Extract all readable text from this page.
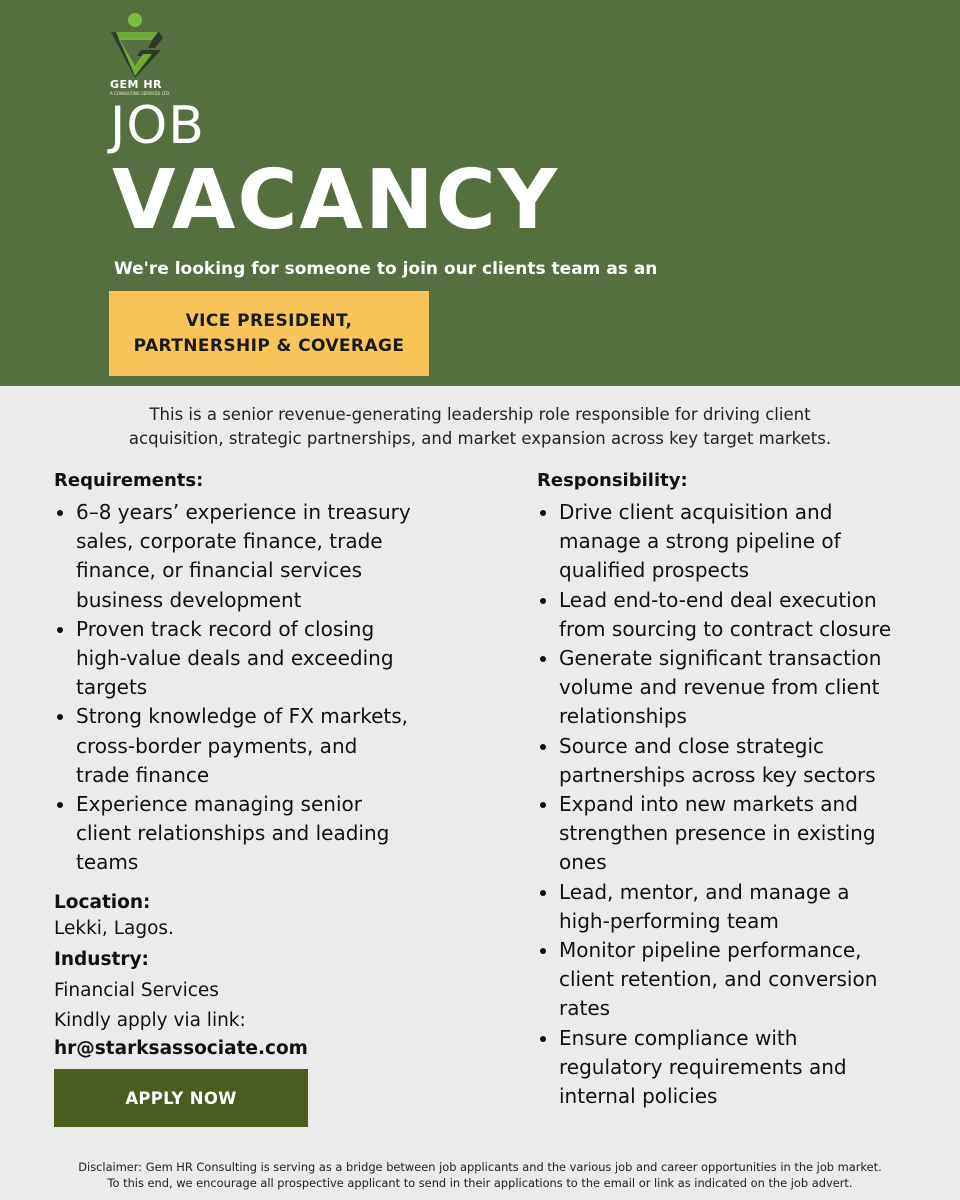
GEM HR
A CONSULTING SERVICES LTD.
JOB
VACANCY
We're looking for someone to join our clients team as an
VICE PRESIDENT,
PARTNERSHIP & COVERAGE
This is a senior revenue-generating leadership role responsible for driving client
acquisition, strategic partnerships, and market expansion across key target markets.
Requirements:
6–8 years’ experience in treasury
sales, corporate finance, trade
finance, or financial services
business development
Proven track record of closing
high-value deals and exceeding
targets
Strong knowledge of FX markets,
cross-border payments, and
trade finance
Experience managing senior
client relationships and leading
teams
Responsibility:
Drive client acquisition and
manage a strong pipeline of
qualified prospects
Lead end-to-end deal execution
from sourcing to contract closure
Generate significant transaction
volume and revenue from client
relationships
Source and close strategic
partnerships across key sectors
Expand into new markets and
strengthen presence in existing
ones
Lead, mentor, and manage a
high-performing team
Monitor pipeline performance,
client retention, and conversion
rates
Ensure compliance with
regulatory requirements and
internal policies
Location:
Lekki, Lagos.
Industry:
Financial Services
Kindly apply via link:
hr@starksassociate.com
APPLY NOW
Disclaimer: Gem HR Consulting is serving as a bridge between job applicants and the various job and career opportunities in the job market.
To this end, we encourage all prospective applicant to send in their applications to the email or link as indicated on the job advert.
